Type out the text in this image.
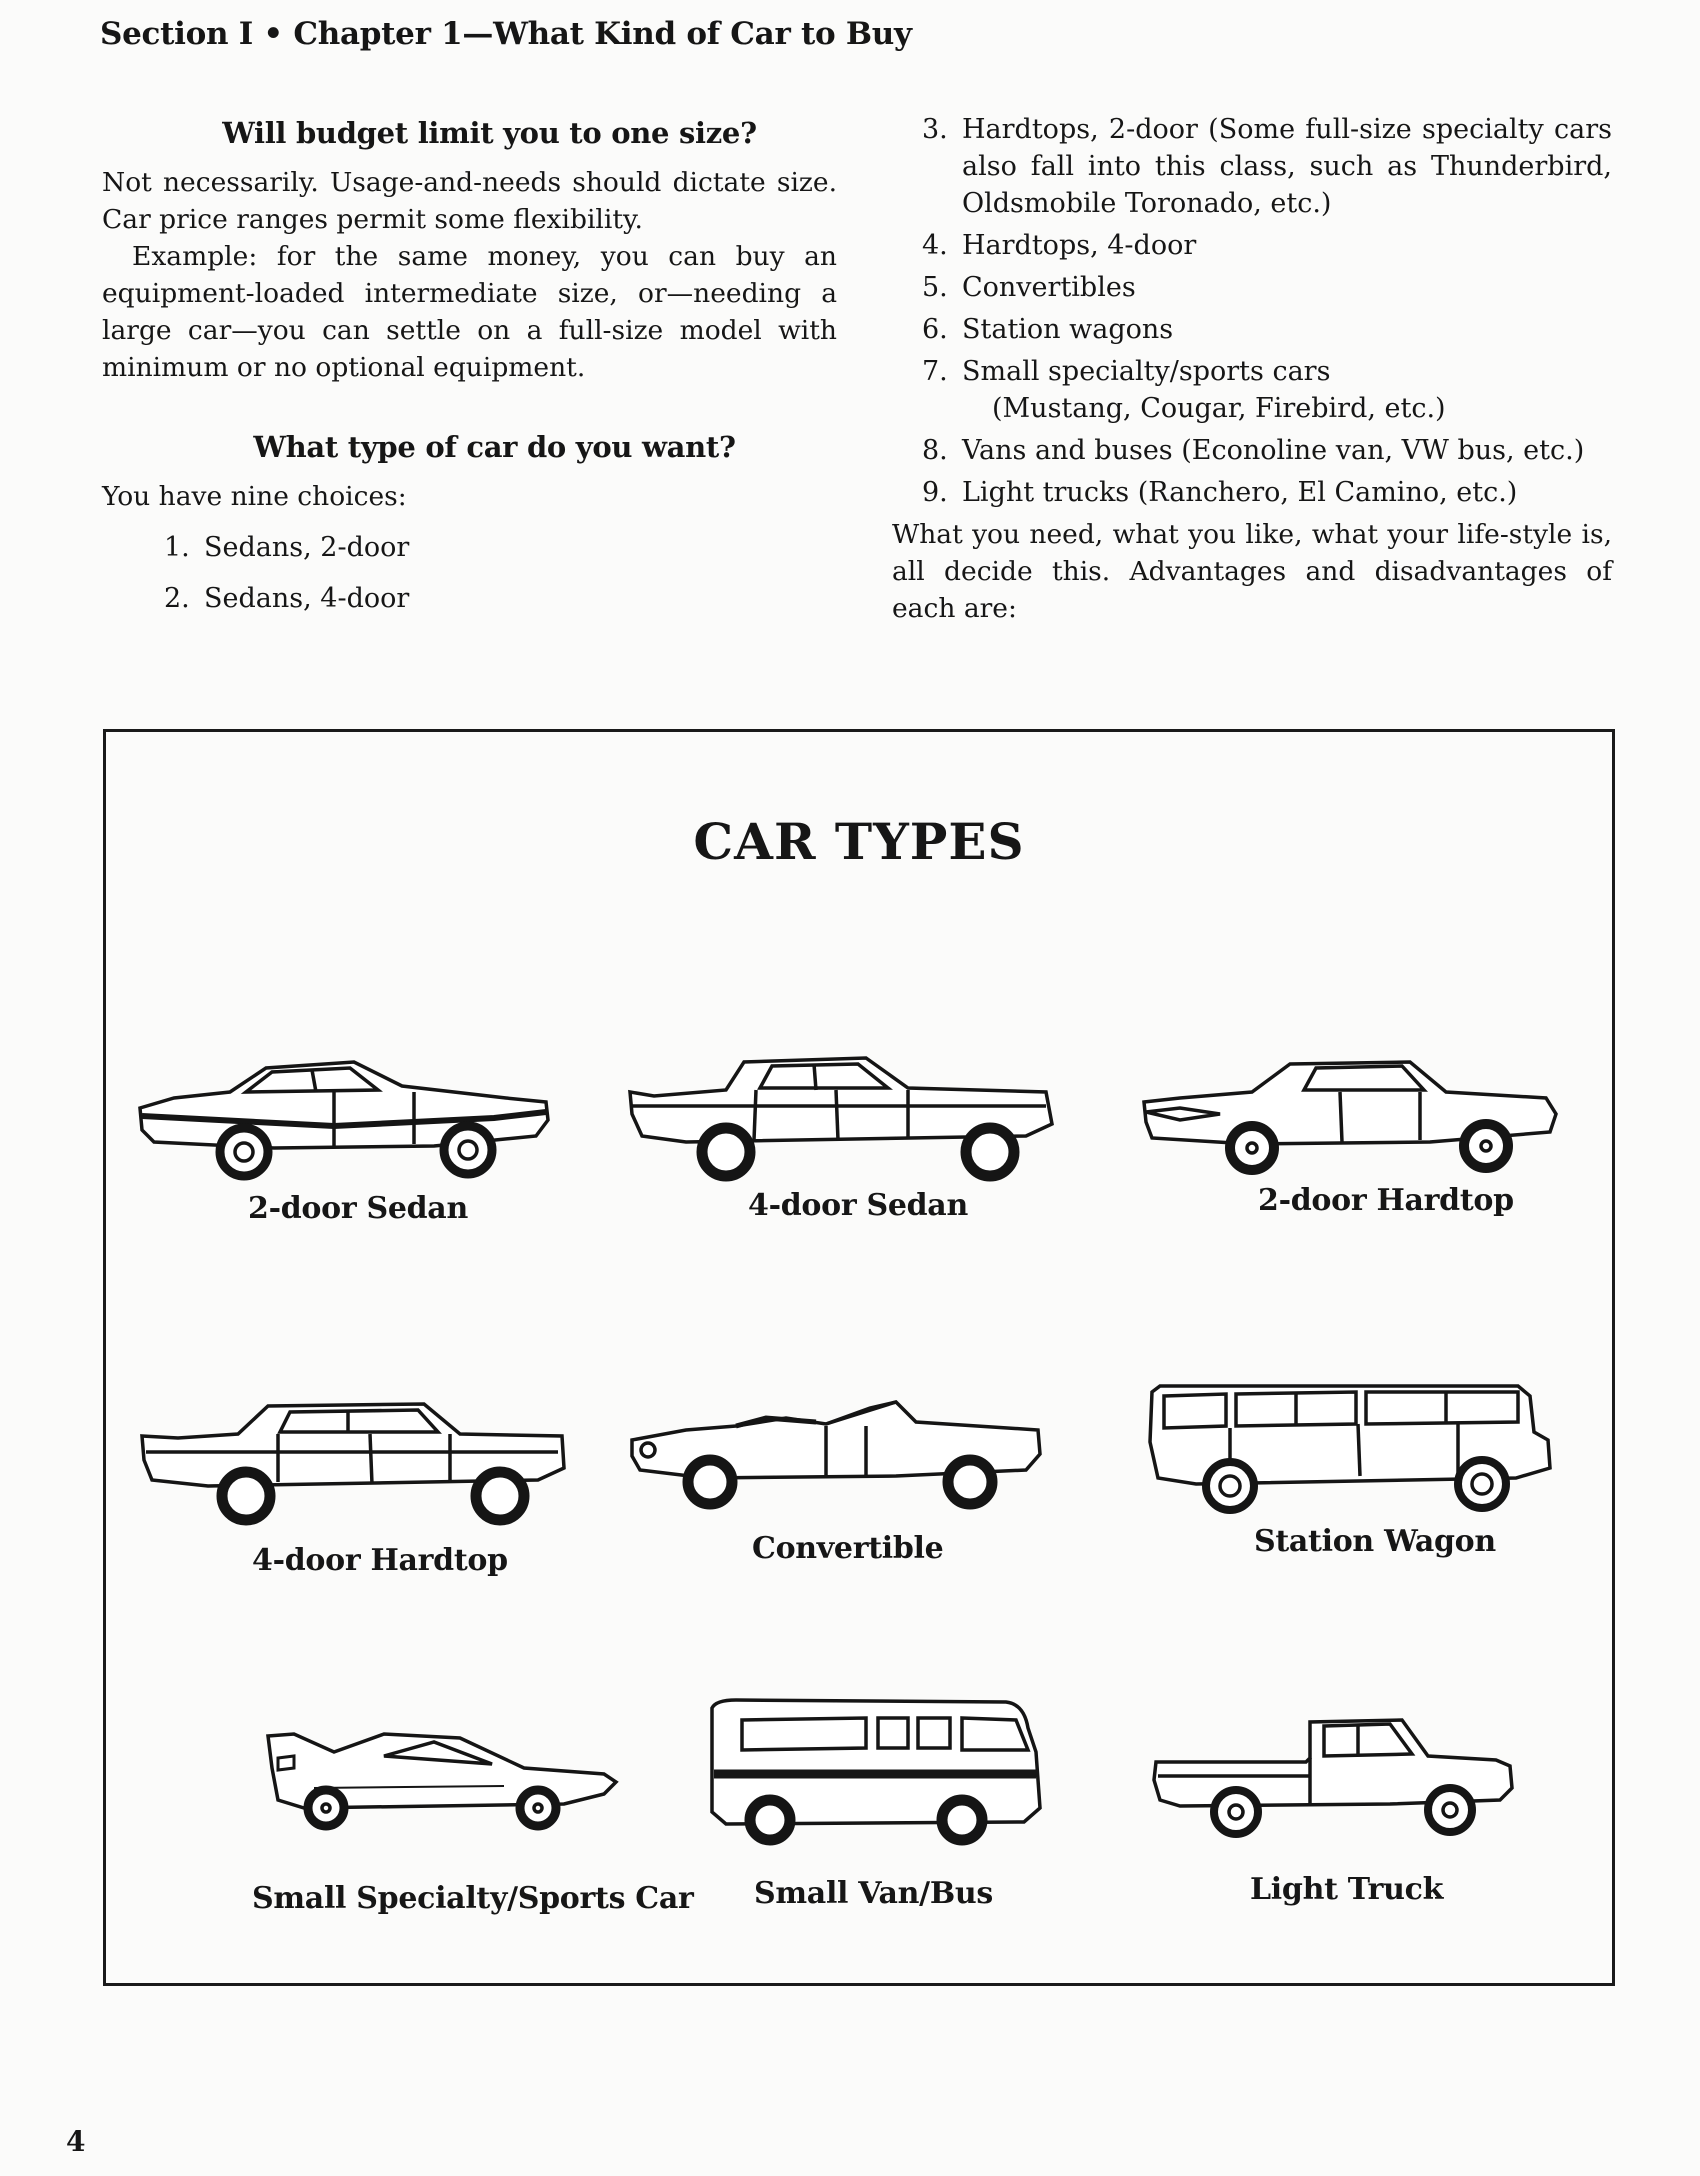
Section I • Chapter 1—What Kind of Car to Buy
Will budget limit you to one size?

Not necessarily. Usage-and-needs should dictate size. Car price ranges permit some flexibility.

Example: for the same money, you can buy an equipment-loaded intermediate size, or—needing a large car—you can settle on a full-size model with minimum or no optional equipment.

What type of car do you want?

You have nine choices:

1. Sedans, 2-door
2. Sedans, 4-door
3. Hardtops, 2-door (Some full-size specialty cars also fall into this class, such as Thunderbird, Oldsmobile Toronado, etc.)
4. Hardtops, 4-door
5. Convertibles
6. Station wagons
7. Small specialty/sports cars
(Mustang, Cougar, Firebird, etc.)
8. Vans and buses (Econoline van, VW bus, etc.)
9. Light trucks (Ranchero, El Camino, etc.)

What you need, what you like, what your life-style is, all decide this. Advantages and disadvantages of each are:

CAR TYPES
2-door Sedan	4-door Sedan	2-door Hardtop
4-door Hardtop	Convertible	Station Wagon
Small Specialty/Sports Car Small Van/Bus	Light Truck
4
